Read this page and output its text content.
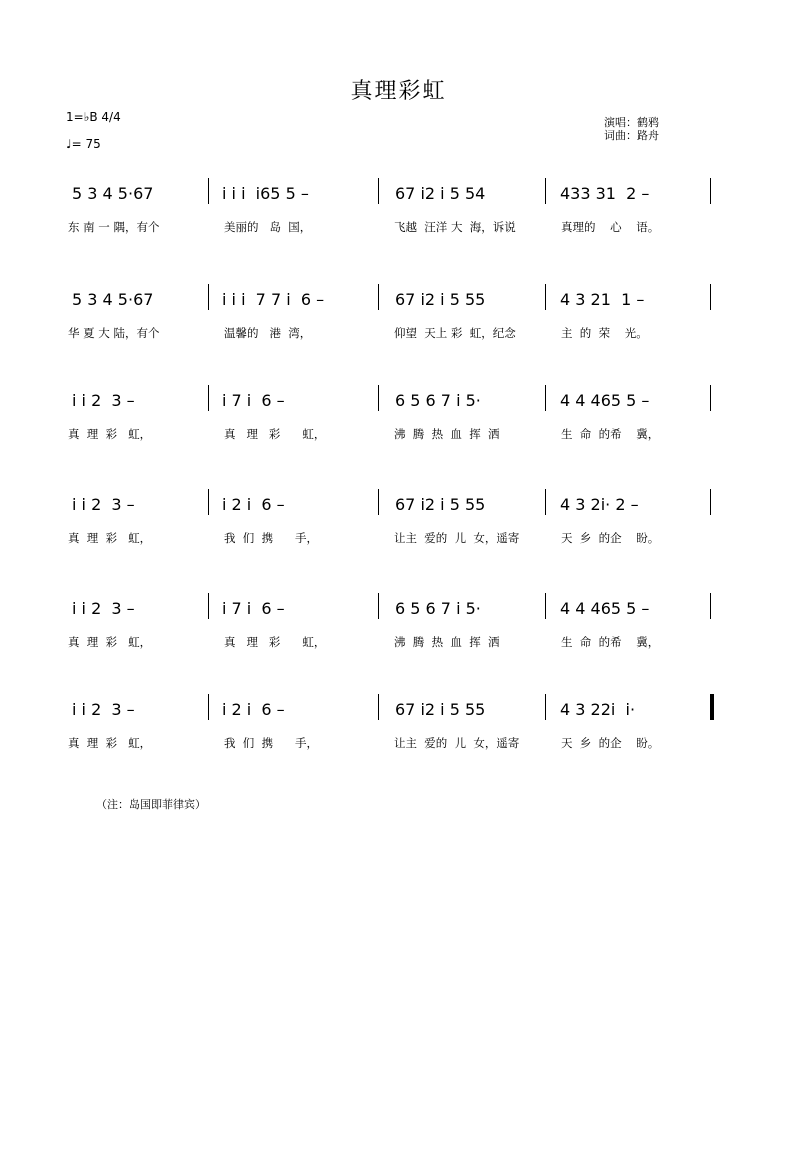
真理彩虹
1=♭B 4/4
♩= 75
演唱：鹤鸦
词曲：路舟
5 3 4 5·67	i i i  i65 5 –	67 i2 i 5 54	433 31  2 –
东 南 一 隅，有个	美丽的   岛  国，	飞越  汪洋 大  海，诉说	真理的    心    语。
5 3 4 5·67	i i i  7 7 i  6 –	67 i2 i 5 55	4 3 21  1 –
华 夏 大 陆，有个	温馨的   港  湾，	仰望  天上 彩  虹，纪念	主  的  荣    光。
i i 2  3 –	i 7 i  6 –	6 5 6 7 i 5·	4 4 465 5 –
真  理  彩   虹，	真   理   彩      虹，	沸  腾  热  血  挥  洒	生  命  的希    冀，
i i 2  3 –	i 2 i  6 –	67 i2 i 5 55	4 3 2i· 2 –
真  理  彩   虹，	我  们  携      手，	让主  爱的  儿  女，遥寄	天  乡  的企    盼。
i i 2  3 –	i 7 i  6 –	6 5 6 7 i 5·	4 4 465 5 –
真  理  彩   虹，	真   理   彩      虹，	沸  腾  热  血  挥  洒	生  命  的希    冀，
i i 2  3 –	i 2 i  6 –	67 i2 i 5 55	4 3 22i  i·
真  理  彩   虹，	我  们  携      手，	让主  爱的  儿  女，遥寄	天  乡  的企    盼。
（注：岛国即菲律宾）
